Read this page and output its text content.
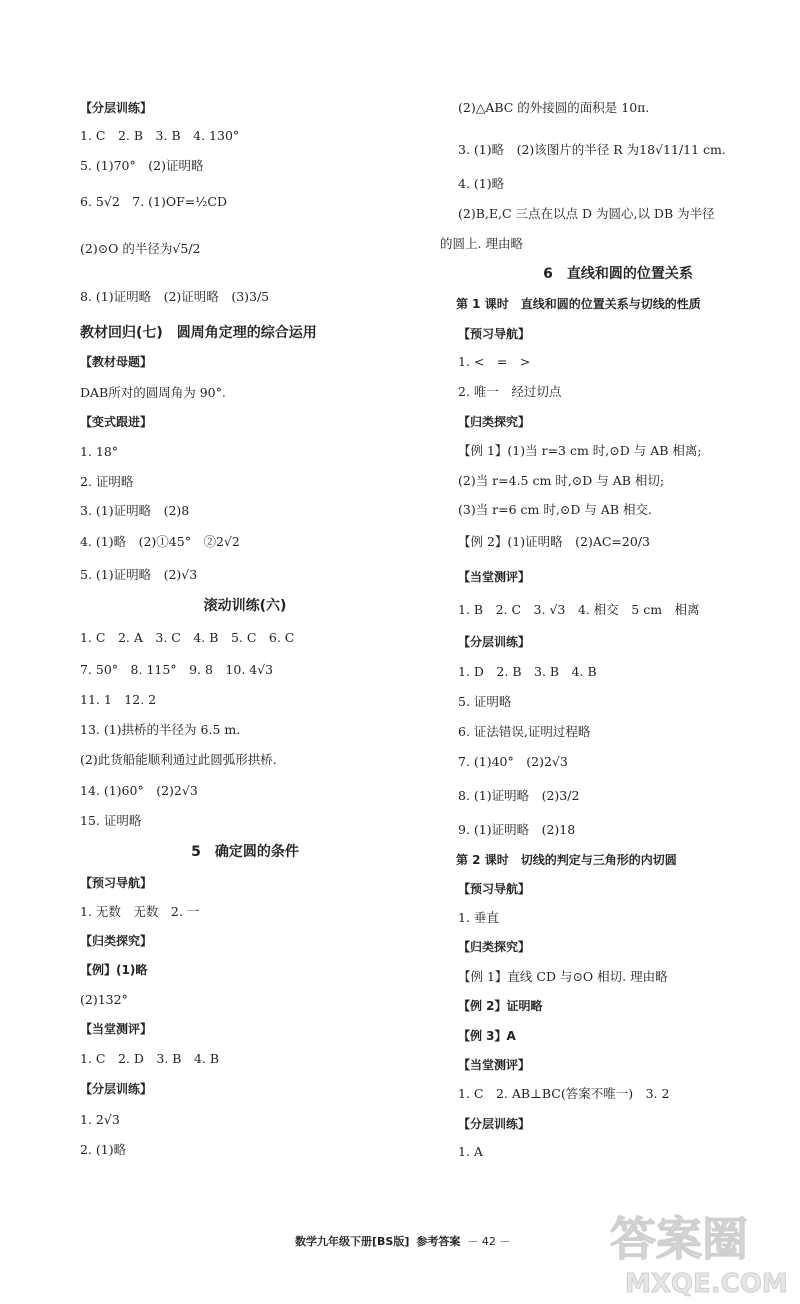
【分层训练】
1. C　2. B　3. B　4. 130°
5. (1)70°　(2)证明略
6. 5√2　7. (1)OF=½CD
(2)⊙O 的半径为√5/2
8. (1)证明略　(2)证明略　(3)3/5
教材回归(七)　圆周角定理的综合运用
【教材母题】
DAB所对的圆周角为 90°.
【变式跟进】
1. 18°
2. 证明略
3. (1)证明略　(2)8
4. (1)略　(2)①45°　②2√2
5. (1)证明略　(2)√3
滚动训练(六)
1. C　2. A　3. C　4. B　5. C　6. C
7. 50°　8. 115°　9. 8　10. 4√3
11. 1　12. 2
13. (1)拱桥的半径为 6.5 m.
(2)此货船能顺利通过此圆弧形拱桥.
14. (1)60°　(2)2√3
15. 证明略
5　确定圆的条件
【预习导航】
1. 无数　无数　2. 一
【归类探究】
【例】(1)略
(2)132°
【当堂测评】
1. C　2. D　3. B　4. B
【分层训练】
1. 2√3
2. (1)略
(2)△ABC 的外接圆的面积是 10π.
3. (1)略　(2)该图片的半径 R 为18√11/11 cm.
4. (1)略
(2)B,E,C 三点在以点 D 为圆心,以 DB 为半径
的圆上. 理由略
6　直线和圆的位置关系
第 1 课时　直线和圆的位置关系与切线的性质
【预习导航】
1. <　=　>
2. 唯一　经过切点
【归类探究】
【例 1】(1)当 r=3 cm 时,⊙D 与 AB 相离;
(2)当 r=4.5 cm 时,⊙D 与 AB 相切;
(3)当 r=6 cm 时,⊙D 与 AB 相交.
【例 2】(1)证明略　(2)AC=20/3
【当堂测评】
1. B　2. C　3. √3　4. 相交　5 cm　相离
【分层训练】
1. D　2. B　3. B　4. B
5. 证明略
6. 证法错误,证明过程略
7. (1)40°　(2)2√3
8. (1)证明略　(2)3/2
9. (1)证明略　(2)18
第 2 课时　切线的判定与三角形的内切圆
【预习导航】
1. 垂直
【归类探究】
【例 1】直线 CD 与⊙O 相切. 理由略
【例 2】证明略
【例 3】A
【当堂测评】
1. C　2. AB⊥BC(答案不唯一)　3. 2
【分层训练】
1. A
数学九年级下册[BS版] 参考答案 － 42 － 答案圈
MXQE.COM
